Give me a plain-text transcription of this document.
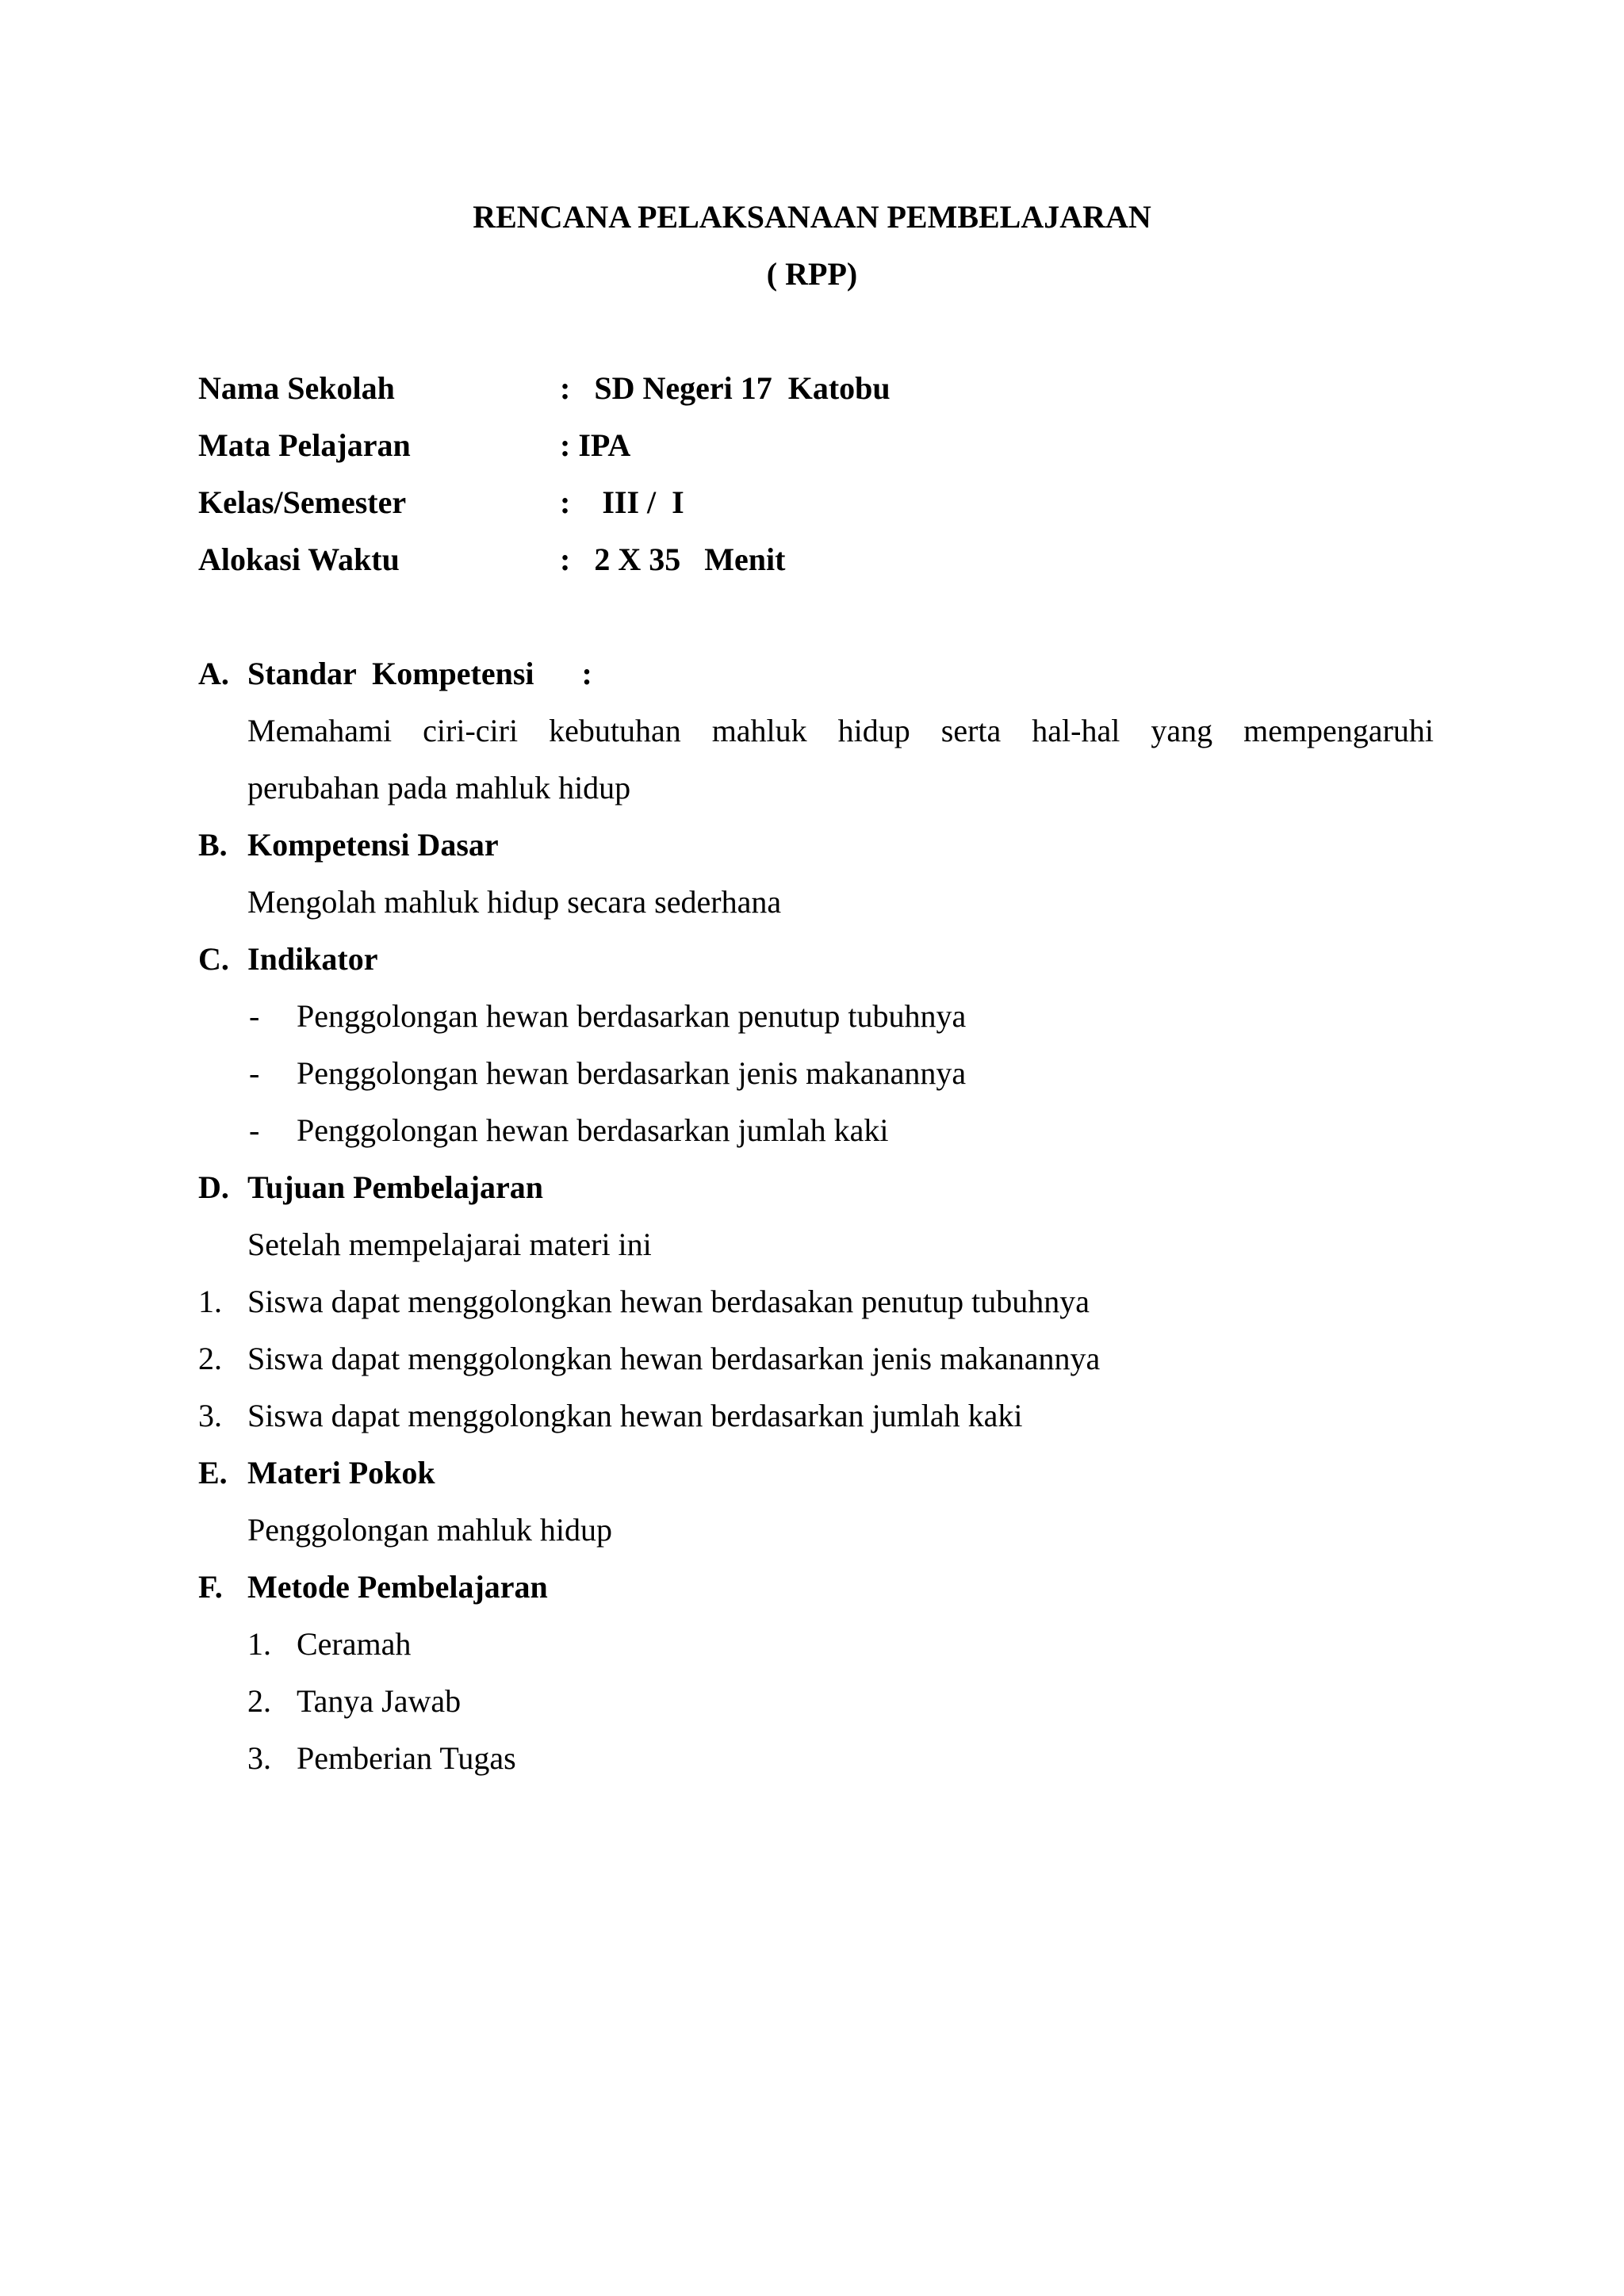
RENCANA PELAKSANAAN PEMBELAJARAN
( RPP)
Nama Sekolah	:   SD Negeri 17  Katobu
Mata Pelajaran	: IPA
Kelas/Semester	:    III /  I
Alokasi Waktu	:   2 X 35   Menit
A. Standar  Kompetensi      :
Memahami ciri-ciri kebutuhan mahluk hidup serta hal-hal yang mempengaruhi
perubahan pada mahluk hidup
B. Kompetensi Dasar
Mengolah mahluk hidup secara sederhana
C. Indikator
- Penggolongan hewan berdasarkan penutup tubuhnya
- Penggolongan hewan berdasarkan jenis makanannya
- Penggolongan hewan berdasarkan jumlah kaki
D. Tujuan Pembelajaran
Setelah mempelajarai materi ini
1. Siswa dapat menggolongkan hewan berdasakan penutup tubuhnya
2. Siswa dapat menggolongkan hewan berdasarkan jenis makanannya
3. Siswa dapat menggolongkan hewan berdasarkan jumlah kaki
E. Materi Pokok
Penggolongan mahluk hidup
F. Metode Pembelajaran
1. Ceramah
2. Tanya Jawab
3. Pemberian Tugas
